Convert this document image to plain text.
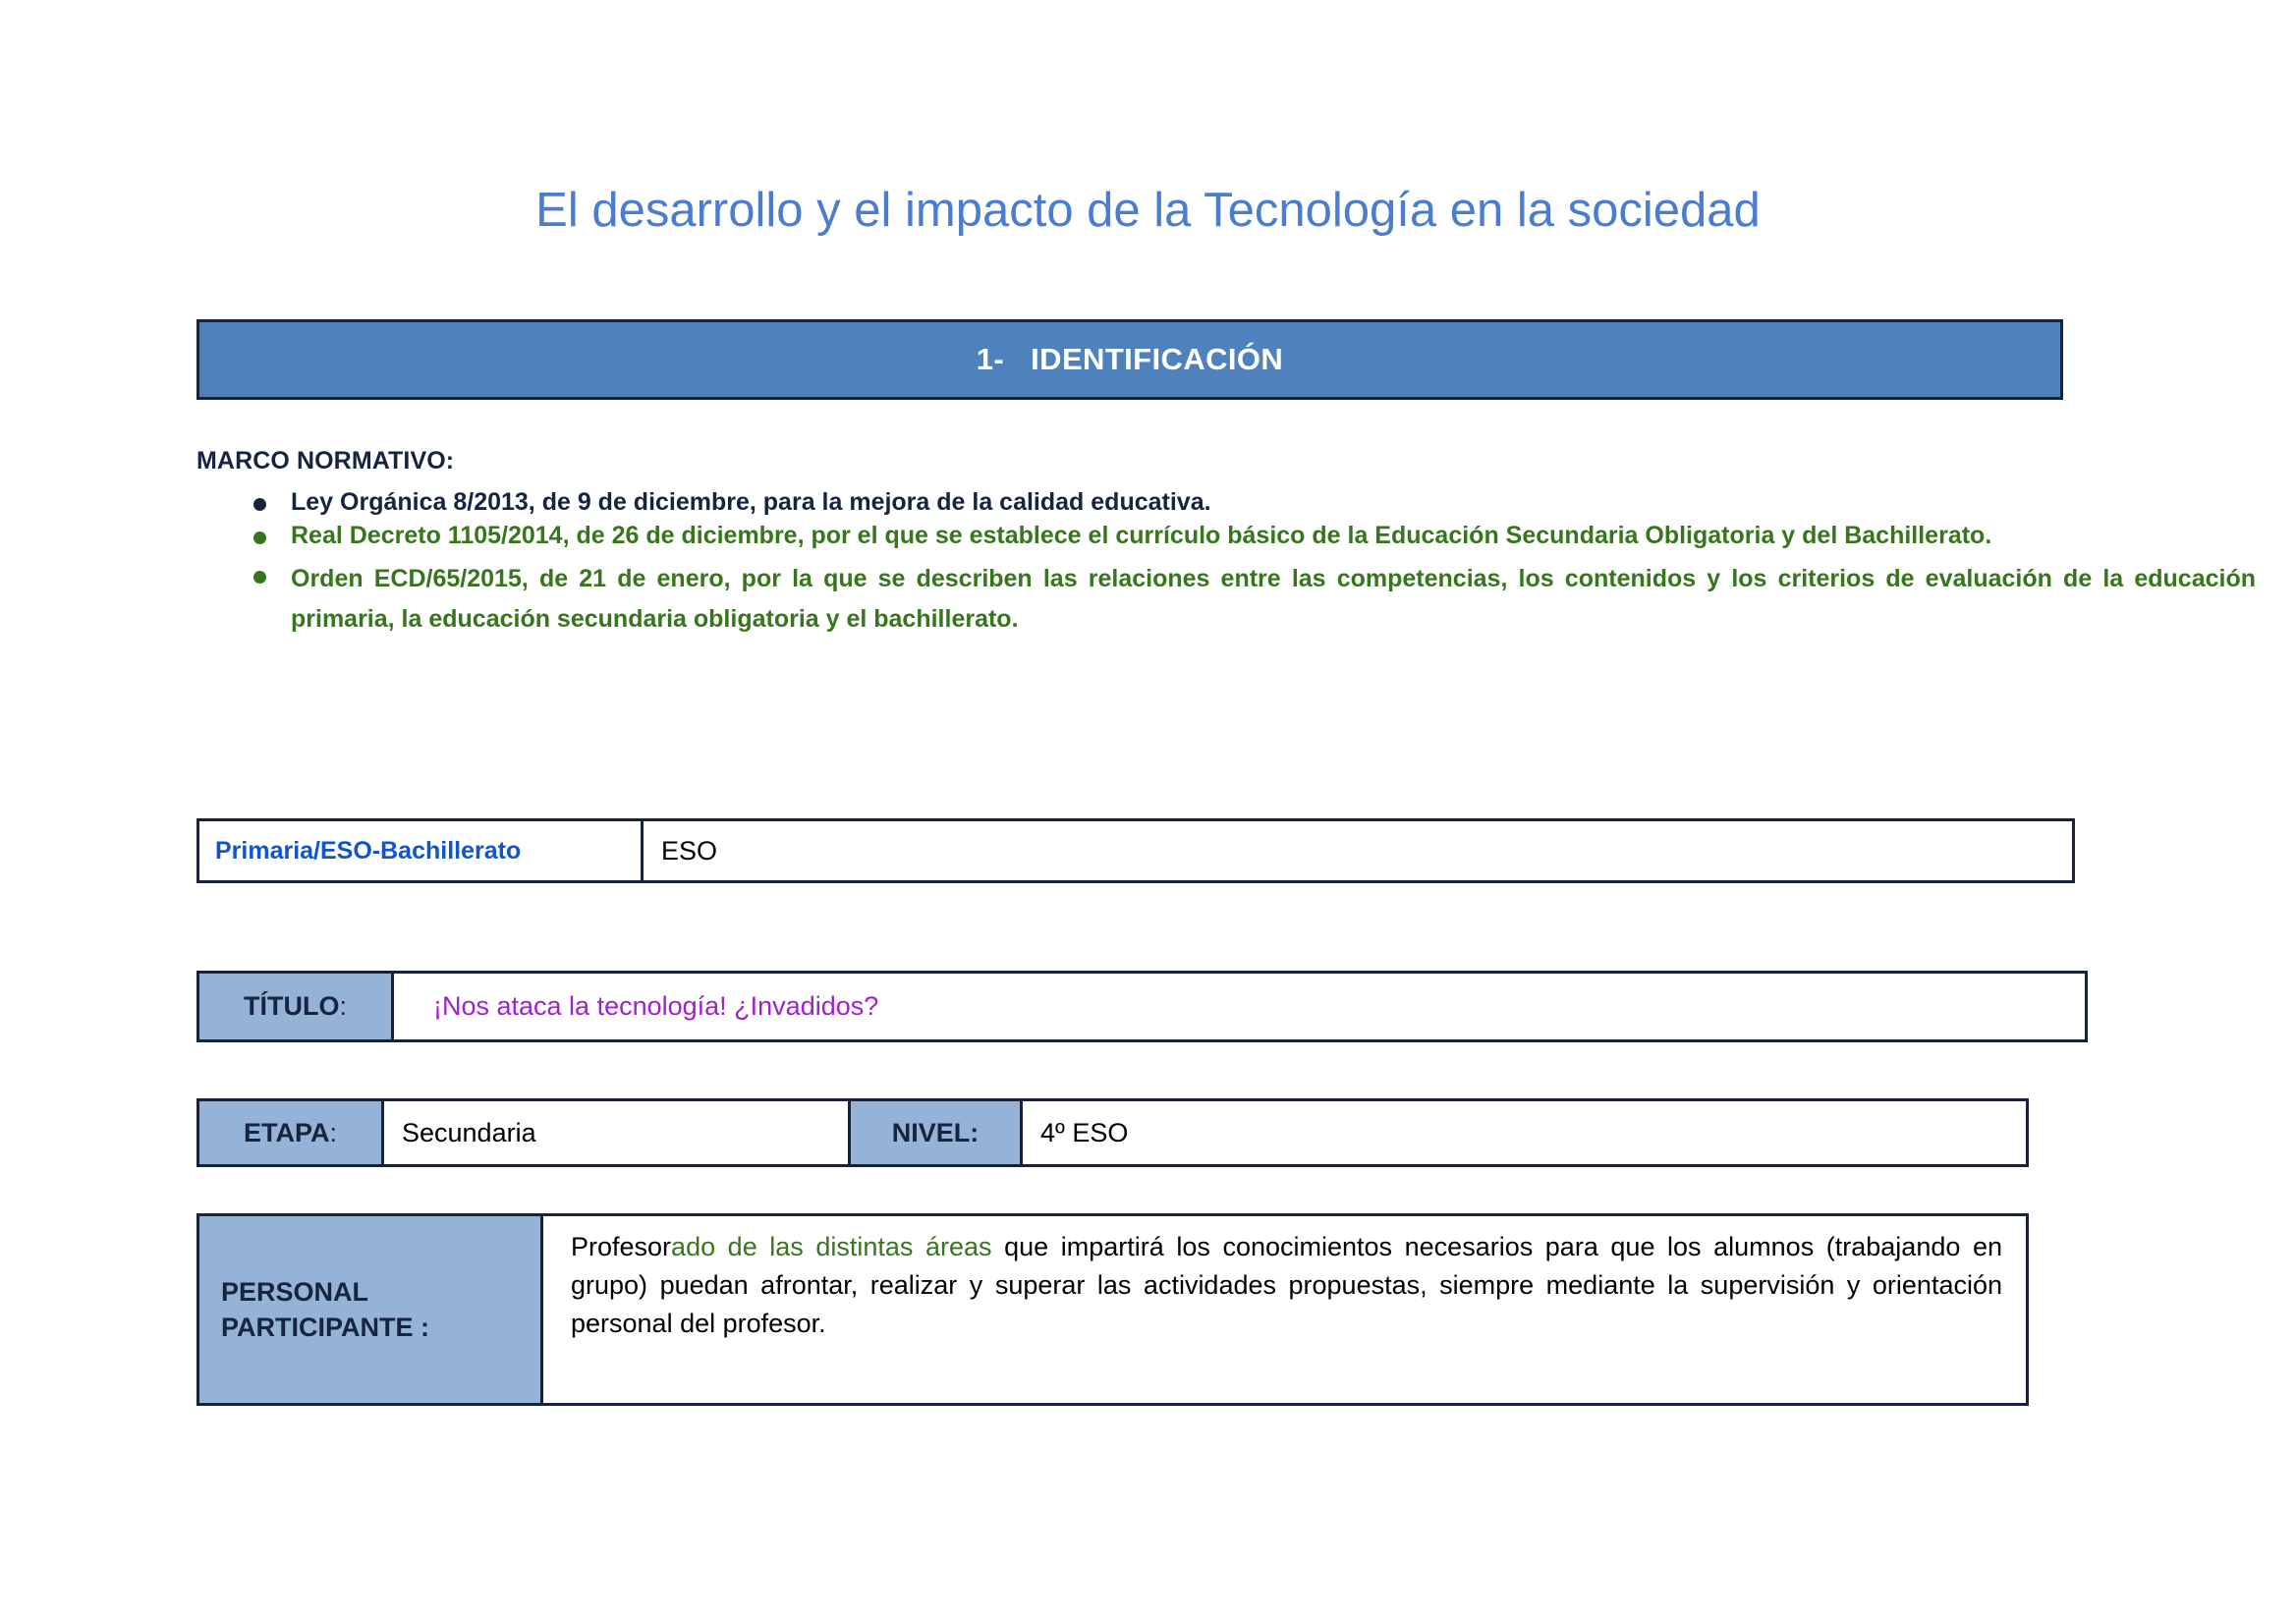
El desarrollo y el impacto de la Tecnología en la sociedad
1-   IDENTIFICACIÓN
MARCO NORMATIVO:
Ley Orgánica 8/2013, de 9 de diciembre, para la mejora de la calidad educativa.
Real Decreto 1105/2014, de 26 de diciembre, por el que se establece el currículo básico de la Educación Secundaria Obligatoria y del Bachillerato.
Orden ECD/65/2015, de 21 de enero, por la que se describen las relaciones entre las competencias, los contenidos y los criterios de evaluación de la educación primaria, la educación secundaria obligatoria y el bachillerato.
Primaria/ESO-Bachillerato	ESO
TÍTULO:	¡Nos ataca la tecnología! ¿Invadidos?
ETAPA: Secundaria	NIVEL: 4º ESO
PERSONAL
PARTICIPANTE :
Profesorado de las distintas áreas que impartirá los conocimientos necesarios para que los alumnos (trabajando en grupo) puedan afrontar, realizar y superar las actividades propuestas, siempre mediante la supervisión y orientación personal del profesor.
